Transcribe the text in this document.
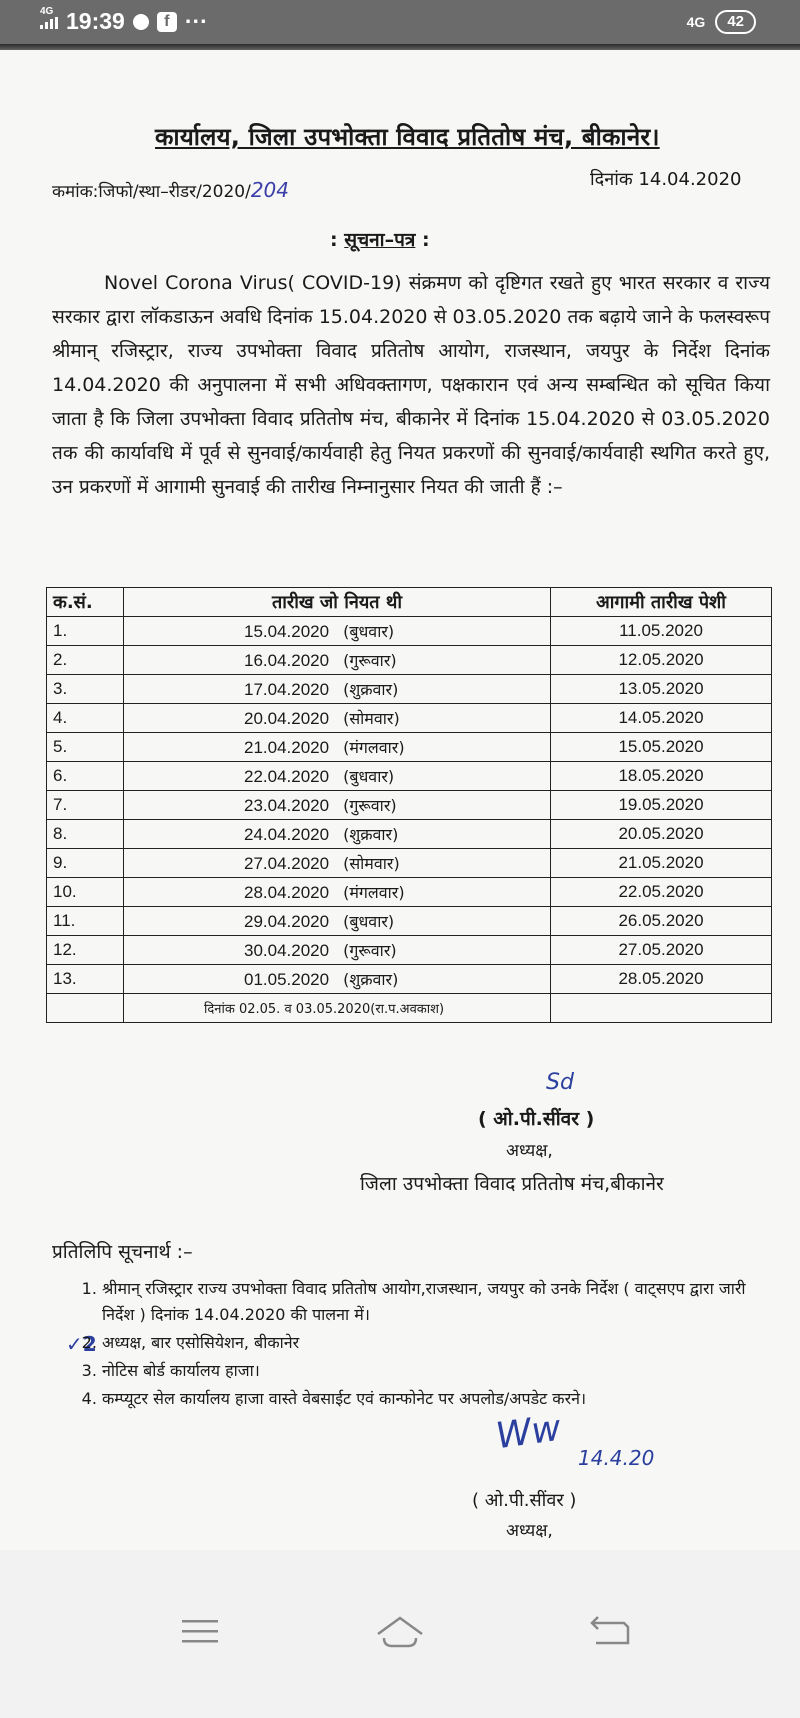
4G 19:39	f ···	4G	42
कार्यालय, जिला उपभोक्ता विवाद प्रतितोष मंच, बीकानेर।
कमांक:जिफो/स्था–रीडर/2020/204	दिनांक 14.04.2020
: सूचना–पत्र :
Novel Corona Virus( COVID-19) संक्रमण को दृष्टिगत रखते हुए भारत सरकार व राज्य सरकार द्वारा लॉकडाऊन अवधि दिनांक 15.04.2020 से 03.05.2020 तक बढ़ाये जाने के फलस्वरूप श्रीमान् रजिस्ट्रार, राज्य उपभोक्ता विवाद प्रतितोष आयोग, राजस्थान, जयपुर के निर्देश दिनांक 14.04.2020 की अनुपालना में सभी अधिवक्तागण, पक्षकारान एवं अन्य सम्बन्धित को सूचित किया जाता है कि जिला उपभोक्ता विवाद प्रतितोष मंच, बीकानेर में दिनांक 15.04.2020 से 03.05.2020 तक की कार्यावधि में पूर्व से सुनवाई/कार्यवाही हेतु नियत प्रकरणों की सुनवाई/कार्यवाही स्थगित करते हुए, उन प्रकरणों में आगामी सुनवाई की तारीख निम्नानुसार नियत की जाती हैं :–
क.सं.	तारीख जो नियत थी	आगामी तारीख पेशी
1.	15.04.2020 (बुधवार)	11.05.2020
2.	16.04.2020 (गुरूवार)	12.05.2020
3.	17.04.2020 (शुक्रवार)	13.05.2020
4.	20.04.2020 (सोमवार)	14.05.2020
5.	21.04.2020 (मंगलवार)	15.05.2020
6.	22.04.2020 (बुधवार)	18.05.2020
7.	23.04.2020 (गुरूवार)	19.05.2020
8.	24.04.2020 (शुक्रवार)	20.05.2020
9.	27.04.2020 (सोमवार)	21.05.2020
10.	28.04.2020 (मंगलवार)	22.05.2020
11.	29.04.2020 (बुधवार)	26.05.2020
12.	30.04.2020 (गुरूवार)	27.05.2020
13.	01.05.2020 (शुक्रवार)	28.05.2020
	दिनांक 02.05. व 03.05.2020(रा.प.अवकाश)	
Sd
( ओ.पी.सींवर )
अध्यक्ष,
जिला उपभोक्ता विवाद प्रतितोष मंच,बीकानेर
प्रतिलिपि सूचनार्थ :–
✓2
1. श्रीमान् रजिस्ट्रार राज्य उपभोक्ता विवाद प्रतितोष आयोग,राजस्थान, जयपुर को उनके निर्देश ( वाट्सएप द्वारा जारी निर्देश ) दिनांक 14.04.2020 की पालना में।
2. अध्यक्ष, बार एसोसियेशन, बीकानेर
3. नोटिस बोर्ड कार्यालय हाजा।
4. कम्प्यूटर सेल कार्यालय हाजा वास्ते वेबसाईट एवं कान्फोनेट पर अपलोड/अपडेट करने।
Ww
14.4.20
( ओ.पी.सींवर )
अध्यक्ष,
